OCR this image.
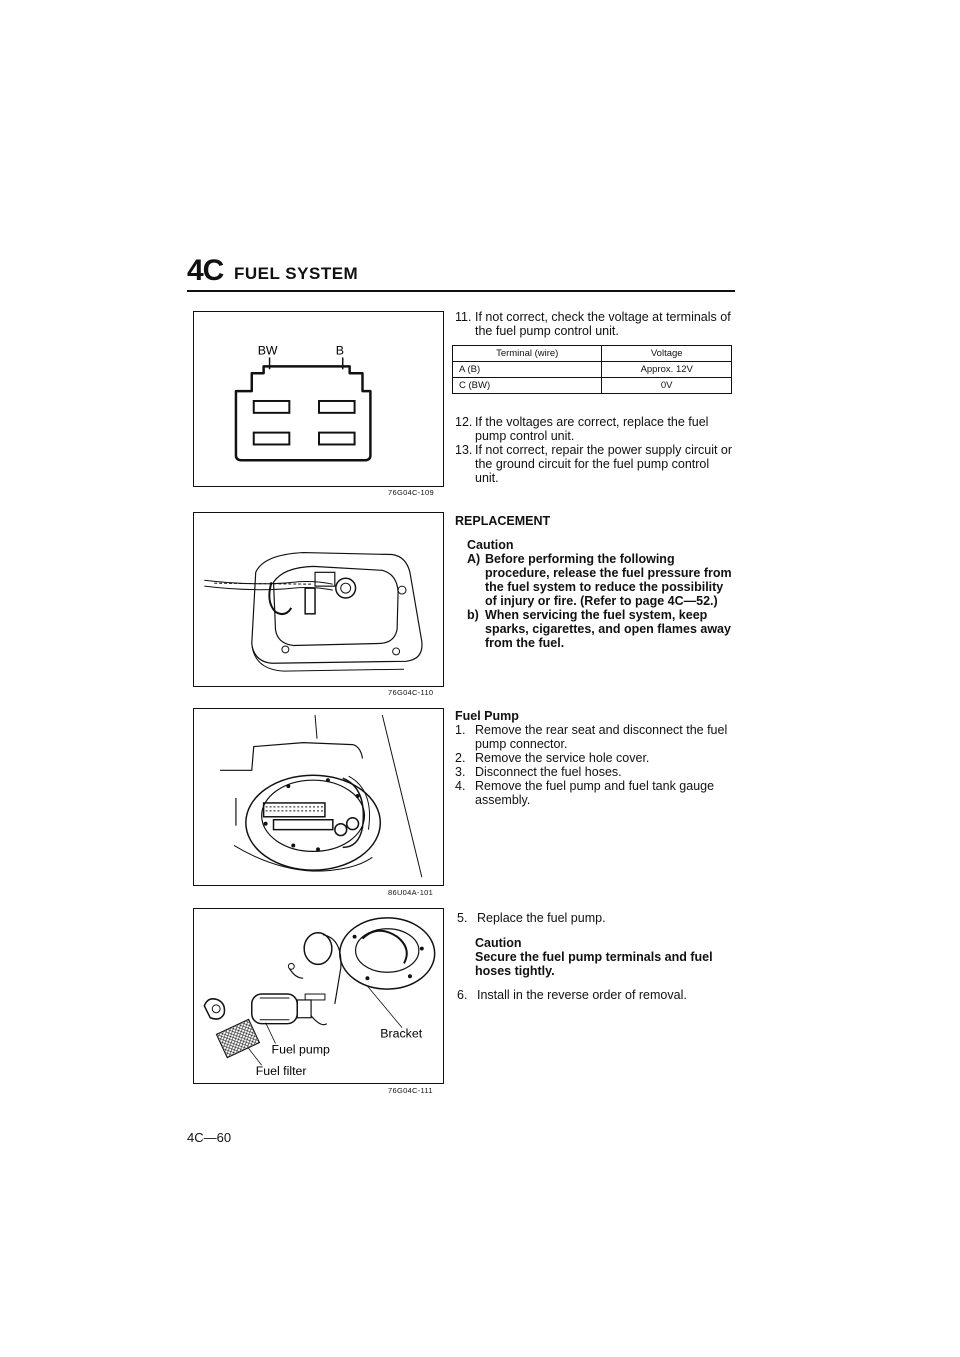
4C FUEL SYSTEM
BW	B
76G04C-109
76G04C-110
86U04A-101
Bracket
Fuel pump
Fuel filter
76G04C-111
11. If not correct, check the voltage at terminals of the fuel pump control unit.
Terminal (wire)	Voltage
A (B)	Approx. 12V
C (BW)	0V
12. If the voltages are correct, replace the fuel pump control unit.
13. If not correct, repair the power supply circuit or the ground circuit for the fuel pump control unit.
REPLACEMENT
Caution
A) Before performing the following procedure, release the fuel pressure from the fuel system to reduce the possibility of injury or fire. (Refer to page 4C—52.)
b) When servicing the fuel system, keep sparks, cigarettes, and open flames away from the fuel.
Fuel Pump
1. Remove the rear seat and disconnect the fuel pump connector.
2. Remove the service hole cover.
3. Disconnect the fuel hoses.
4. Remove the fuel pump and fuel tank gauge assembly.
5. Replace the fuel pump.
Caution
Secure the fuel pump terminals and fuel hoses tightly.
6. Install in the reverse order of removal.
4C—60
